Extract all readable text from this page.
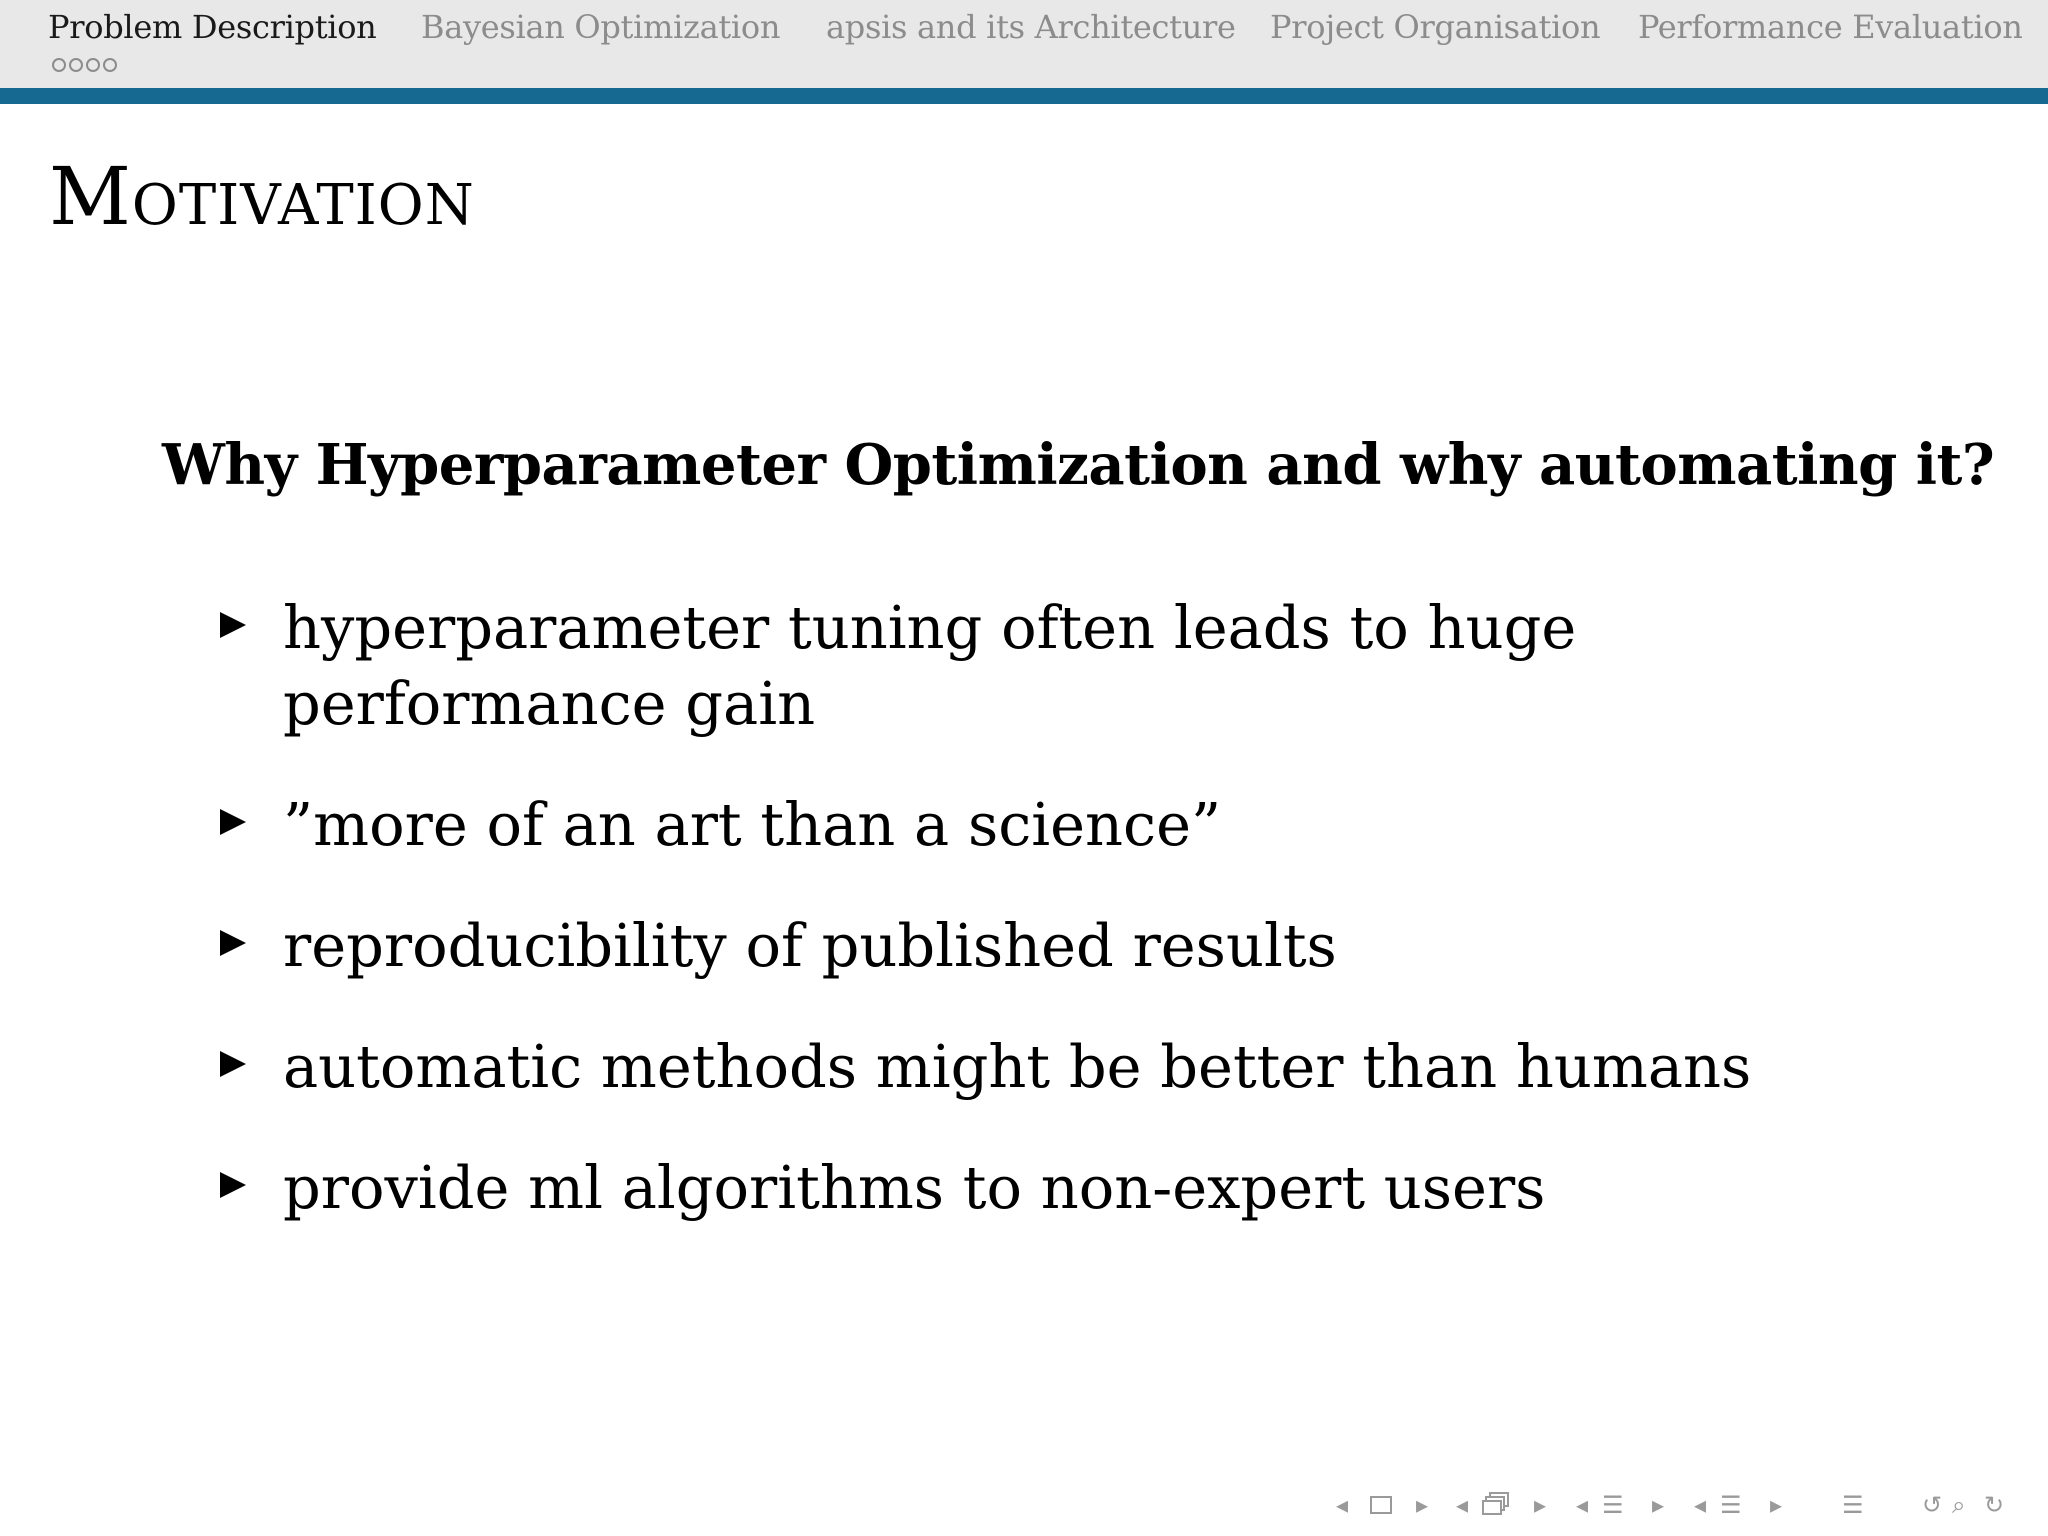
Problem Description Bayesian Optimization apsis and its Architecture Project Organisation Performance Evaluation
Motivation
Why Hyperparameter Optimization and why automating it?
hyperparameter tuning often leads to huge performance gain
”more of an art than a science”
reproducibility of published results
automatic methods might be better than humans
provide ml algorithms to non-expert users
◂	▸ ◂	▸ ◂ ☰ ▸ ◂ ☰ ▸ ☰ ↺ ⌕ ↻
